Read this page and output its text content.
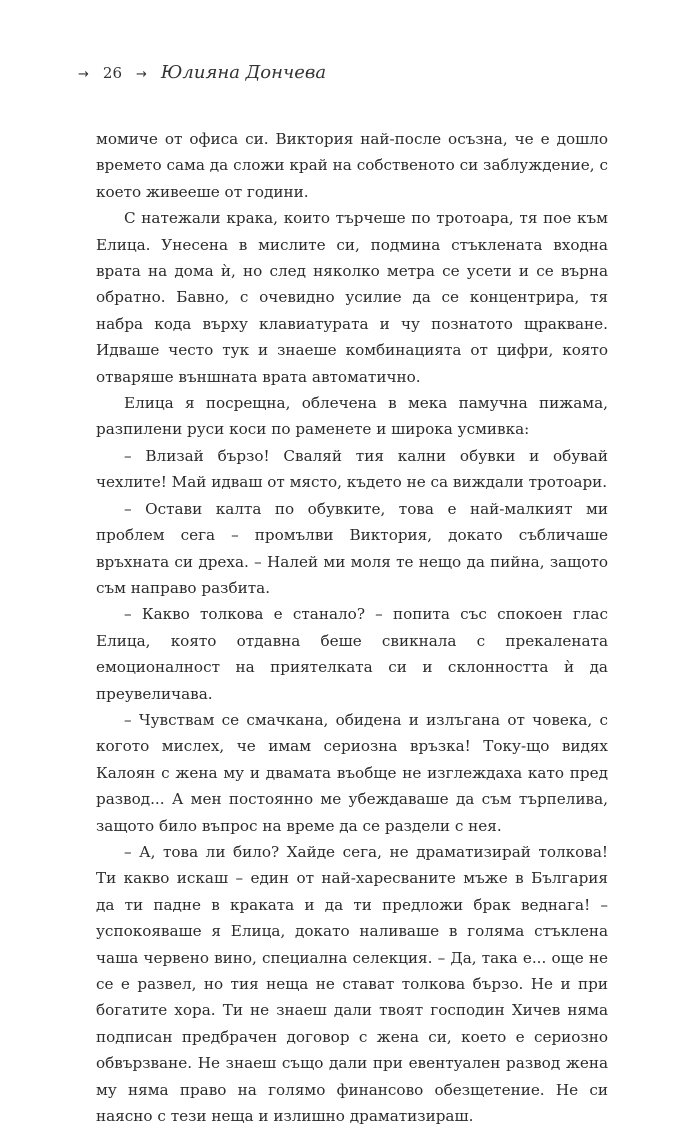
→ 26 → Юлияна Дончева

момиче от офиса си. Виктория най-после осъзна, че е дошло времето сама да сложи край на собственото си заблуждение, с което живееше от години.

С натежали крака, които търчеше по тротоара, тя пое към Елица. Унесена в мислите си, подмина стъклената входна врата на дома ѝ, но след няколко метра се усети и се върна обратно. Бавно, с очевидно усилие да се концентрира, тя набра кода върху клавиатурата и чу познатото щракване. Идваше често тук и знаеше комбинацията от цифри, която отваряше външната врата автоматично.

Елица я посрещна, облечена в мека памучна пижама, разпилени руси коси по раменете и широка усмивка:

– Влизай бързо! Сваляй тия кални обувки и обувай чехлите! Май идваш от място, където не са виждали тротоари.

– Остави калта по обувките, това е най-малкият ми проблем сега – промълви Виктория, докато събличаше връхната си дреха. – Налей ми моля те нещо да пийна, защото съм направо разбита.

– Какво толкова е станало? – попита със спокоен глас Елица, която отдавна беше свикнала с прекалената емоционалност на приятелката си и склонността ѝ да преувеличава.

– Чувствам се смачкана, обидена и излъгана от човека, с когото мислех, че имам сериозна връзка! Току-що видях Калоян с жена му и двамата въобще не изглеждаха като пред развод... А мен постоянно ме убеждаваше да съм търпелива, защото било въпрос на време да се раздели с нея.

– А, това ли било? Хайде сега, не драматизирай толкова! Ти какво искаш – един от най-харесваните мъже в България да ти падне в краката и да ти предложи брак веднага! – успокояваше я Елица, докато наливаше в голяма стъклена чаша червено вино, специална селекция. – Да, така е... още не се е развел, но тия неща не стават толкова бързо. Не и при богатите хора. Ти не знаеш дали твоят господин Хичев няма подписан предбрачен договор с жена си, което е сериозно обвързване. Не знаеш също дали при евентуален развод жена му няма право на голямо финансово обезщетение. Не си наясно с тези неща и излишно драматизираш.
